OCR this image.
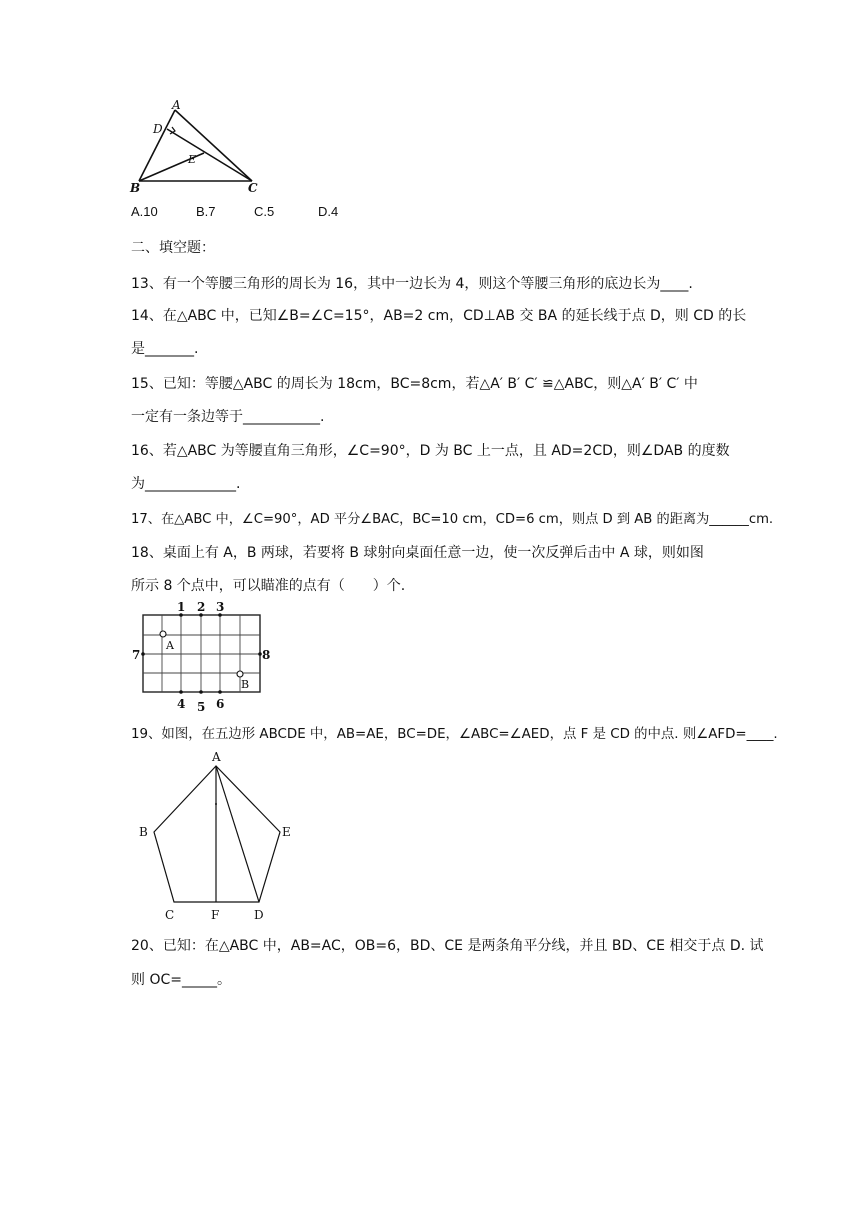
A
D
E
B	C
A.10	B.7	C.5	D.4
二、填空题：
13、有一个等腰三角形的周长为 16，其中一边长为 4，则这个等腰三角形的底边长为____.
14、在△ABC 中，已知∠B=∠C=15°，AB=2 cm，CD⊥AB 交 BA 的延长线于点 D，则 CD 的长
是_______.
15、已知：等腰△ABC 的周长为 18cm，BC=8cm，若△A′ B′ C′ ≌△ABC，则△A′ B′ C′ 中
一定有一条边等于___________.
16、若△ABC 为等腰直角三角形，∠C=90°，D 为 BC 上一点，且 AD=2CD，则∠DAB 的度数
为_____________.
17、在△ABC 中，∠C=90°，AD 平分∠BAC，BC=10 cm，CD=6 cm，则点 D 到 AB 的距离为______cm.
18、桌面上有 A，B 两球，若要将 B 球射向桌面任意一边，使一次反弹后击中 A 球，则如图
所示 8 个点中，可以瞄准的点有（　　）个.
A
B
1 2 3
4 5 6
7	8
19、如图，在五边形 ABCDE 中，AB=AE，BC=DE，∠ABC=∠AED，点 F 是 CD 的中点. 则∠AFD=____.
A
B	E
C	F	D
20、已知：在△ABC 中，AB=AC，OB=6，BD、CE 是两条角平分线，并且 BD、CE 相交于点 D. 试
则 OC=_____。
